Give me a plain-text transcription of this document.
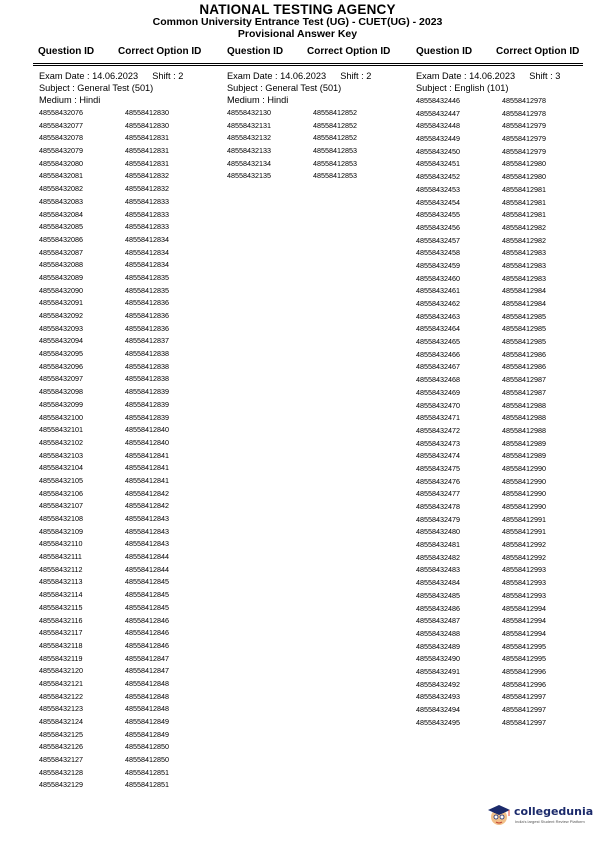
NATIONAL TESTING AGENCY
Common University Entrance Test (UG) - CUET(UG) - 2023
Provisional Answer Key
Question ID Correct Option ID	Question ID Correct Option ID	Question ID Correct Option ID
Exam Date : 14.06.2023 Shift : 2
Subject : General Test (501)
Medium : Hindi
48558432076	48558412830
48558432077	48558412830
48558432078	48558412831
48558432079	48558412831
48558432080	48558412831
48558432081	48558412832
48558432082	48558412832
48558432083	48558412833
48558432084	48558412833
48558432085	48558412833
48558432086	48558412834
48558432087	48558412834
48558432088	48558412834
48558432089	48558412835
48558432090	48558412835
48558432091	48558412836
48558432092	48558412836
48558432093	48558412836
48558432094	48558412837
48558432095	48558412838
48558432096	48558412838
48558432097	48558412838
48558432098	48558412839
48558432099	48558412839
48558432100	48558412839
48558432101	48558412840
48558432102	48558412840
48558432103	48558412841
48558432104	48558412841
48558432105	48558412841
48558432106	48558412842
48558432107	48558412842
48558432108	48558412843
48558432109	48558412843
48558432110	48558412843
48558432111	48558412844
48558432112	48558412844
48558432113	48558412845
48558432114	48558412845
48558432115	48558412845
48558432116	48558412846
48558432117	48558412846
48558432118	48558412846
48558432119	48558412847
48558432120	48558412847
48558432121	48558412848
48558432122	48558412848
48558432123	48558412848
48558432124	48558412849
48558432125	48558412849
48558432126	48558412850
48558432127	48558412850
48558432128	48558412851
48558432129	48558412851
Exam Date : 14.06.2023 Shift : 2
Subject : General Test (501)
Medium : Hindi
48558432130	48558412852
48558432131	48558412852
48558432132	48558412852
48558432133	48558412853
48558432134	48558412853
48558432135	48558412853
Exam Date : 14.06.2023 Shift : 3
Subject : English (101)
48558432446	48558412978
48558432447	48558412978
48558432448	48558412979
48558432449	48558412979
48558432450	48558412979
48558432451	48558412980
48558432452	48558412980
48558432453	48558412981
48558432454	48558412981
48558432455	48558412981
48558432456	48558412982
48558432457	48558412982
48558432458	48558412983
48558432459	48558412983
48558432460	48558412983
48558432461	48558412984
48558432462	48558412984
48558432463	48558412985
48558432464	48558412985
48558432465	48558412985
48558432466	48558412986
48558432467	48558412986
48558432468	48558412987
48558432469	48558412987
48558432470	48558412988
48558432471	48558412988
48558432472	48558412988
48558432473	48558412989
48558432474	48558412989
48558432475	48558412990
48558432476	48558412990
48558432477	48558412990
48558432478	48558412990
48558432479	48558412991
48558432480	48558412991
48558432481	48558412992
48558432482	48558412992
48558432483	48558412993
48558432484	48558412993
48558432485	48558412993
48558432486	48558412994
48558432487	48558412994
48558432488	48558412994
48558432489	48558412995
48558432490	48558412995
48558432491	48558412996
48558432492	48558412996
48558432493	48558412997
48558432494	48558412997
48558432495	48558412997
collegedunia
India's largest Student Review Platform
